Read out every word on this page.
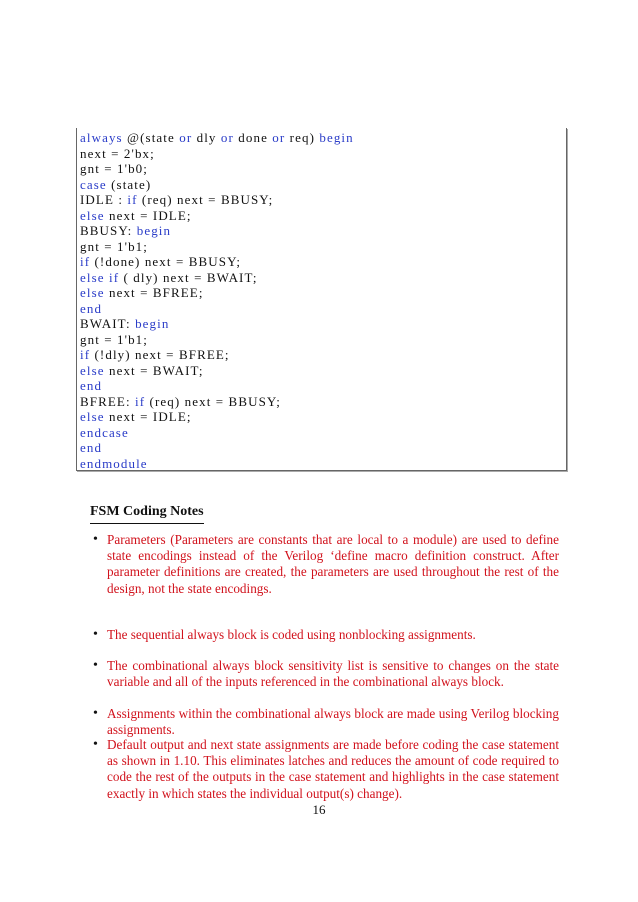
always @(state or dly or done or req) begin
next = 2'bx;
gnt = 1'b0;
case (state)
IDLE : if (req) next = BBUSY;
else next = IDLE;
BBUSY: begin
gnt = 1'b1;
if (!done) next = BBUSY;
else if ( dly) next = BWAIT;
else next = BFREE;
end
BWAIT: begin
gnt = 1'b1;
if (!dly) next = BFREE;
else next = BWAIT;
end
BFREE: if (req) next = BBUSY;
else next = IDLE;
endcase
end
endmodule
FSM Coding Notes
• Parameters (Parameters are constants that are local to a module) are used to define state encodings instead of the Verilog ‘define macro definition construct. After parameter definitions are created, the parameters are used throughout the rest of the design, not the state encodings.
• The sequential always block is coded using nonblocking assignments.
• The combinational always block sensitivity list is sensitive to changes on the state variable and all of the inputs referenced in the combinational always block.
• Assignments within the combinational always block are made using Verilog blocking assignments.
• Default output and next state assignments are made before coding the case statement as shown in 1.10. This eliminates latches and reduces the amount of code required to code the rest of the outputs in the case statement and highlights in the case statement exactly in which states the individual output(s) change).
16
